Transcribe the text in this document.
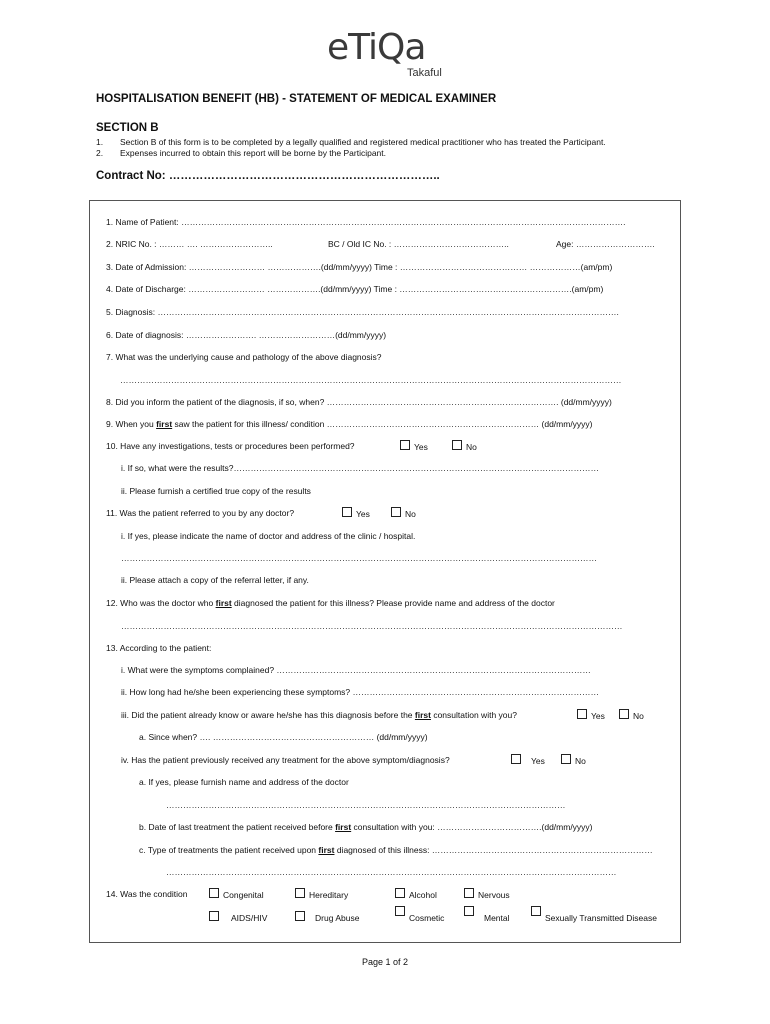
eTiQa
Takaful
HOSPITALISATION BENEFIT (HB) - STATEMENT OF MEDICAL EXAMINER
SECTION B
1. Section B of this form is to be completed by a legally qualified and registered medical practitioner who has treated the Participant.
2. Expenses incurred to obtain this report will be borne by the Participant.
Contract No: ……………………………………………………………..
1. Name of Patient: ………………………………………………………………………………………………………………………………………….
2. NRIC No. : ……… …. ……………………..	BC / Old IC No. : …………………………………..	Age: ……………………….
3. Date of Admission: ……………………… ……………….(dd/mm/yyyy) Time : ……………………………………… ………………(am/pm)
4. Date of Discharge: ……………………… ……………….(dd/mm/yyyy) Time : …………………………………………………….(am/pm)
5. Diagnosis: ……………………………………………………………………………………………………………………………………………….
6. Date of diagnosis: ……………………. ………………………(dd/mm/yyyy)
7. What was the underlying cause and pathology of the above diagnosis?
……………………………………………………………………………………………………………………………………………………………
8. Did you inform the patient of the diagnosis, if so, when? ………………………………………………………………………. (dd/mm/yyyy)
9. When you first saw the patient for this illness/ condition ………………………………………………………………… (dd/mm/yyyy)
10. Have any investigations, tests or procedures been performed?	Yes	No
i. If so, what were the results?…………………………………………………………………………………………………………………
ii. Please furnish a certified true copy of the results
11. Was the patient referred to you by any doctor?	Yes	No
i. If yes, please indicate the name of doctor and address of the clinic / hospital.
……………………………………………………………………………………………………………………………………………………
ii. Please attach a copy of the referral letter, if any.
12. Who was the doctor who first diagnosed the patient for this illness? Please provide name and address of the doctor
……………………………………………………………………………………………………………………………………………………………
13. According to the patient:
i. What were the symptoms complained? …………………………………………………………………………………………………
ii. How long had he/she been experiencing these symptoms? ……………………………………………………………………………
iii. Did the patient already know or aware he/she has this diagnosis before the first consultation with you?	Yes	No
a. Since when? …. ………………………………………………… (dd/mm/yyyy)
iv. Has the patient previously received any treatment for the above symptom/diagnosis?	Yes	No
a. If yes, please furnish name and address of the doctor
……………………………………………………………………………………………………………………………
b. Date of last treatment the patient received before first consultation with you: ……………………………….(dd/mm/yyyy)
c. Type of treatments the patient received upon first diagnosed of this illness: ……………………………………………………………………
……………………………………………………………………………………………………………………………………………
14. Was the condition	Congenital	Hereditary	Alcohol	Nervous
AIDS/HIV	Drug Abuse	Cosmetic	Mental	Sexually Transmitted Disease
Page 1 of 2
